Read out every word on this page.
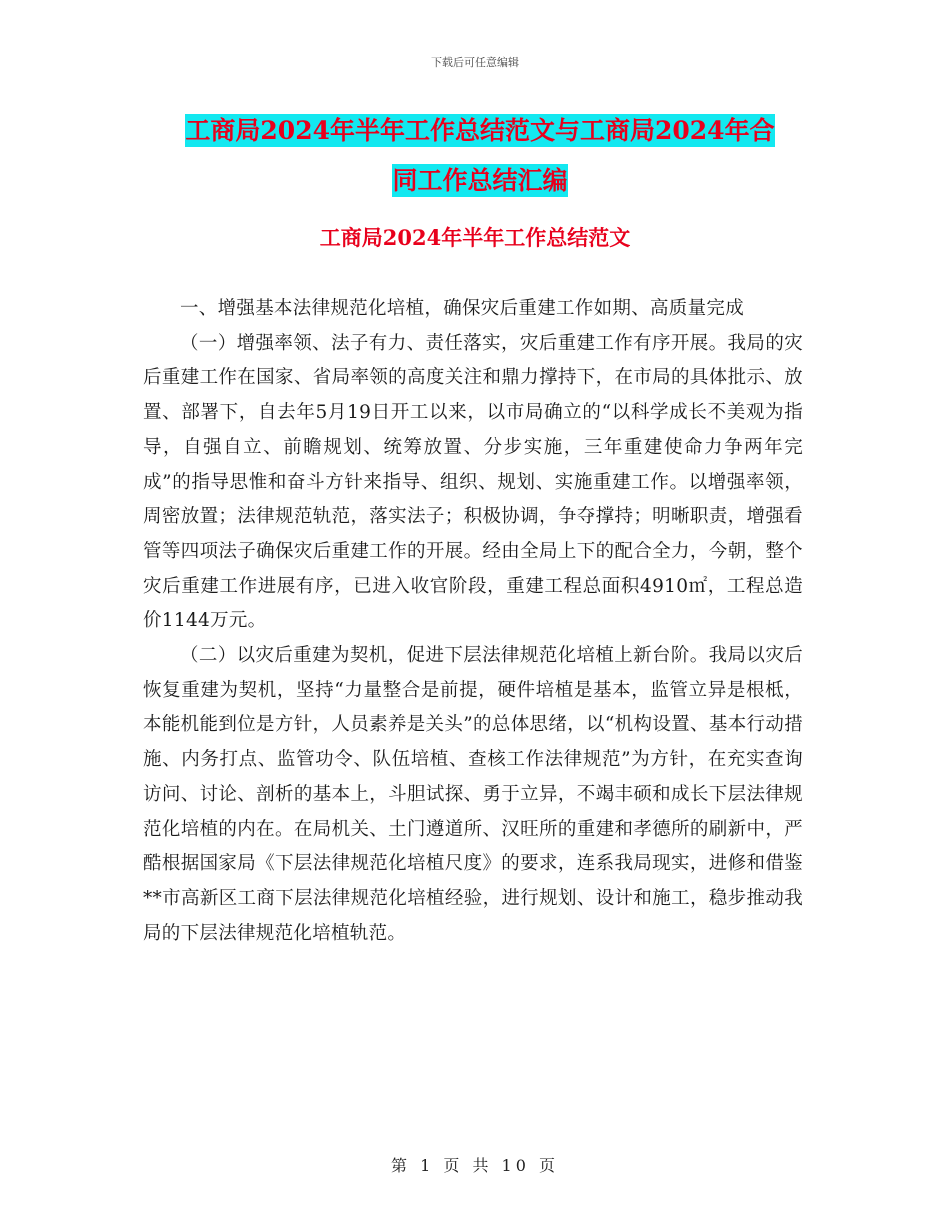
下载后可任意编辑
工商局2024年半年工作总结范文与工商局2024年合
同工作总结汇编
工商局2024年半年工作总结范文

一、增强基本法律规范化培植，确保灾后重建工作如期、高质量完成

（一）增强率领、法子有力、责任落实，灾后重建工作有序开展。我局的灾后重建工作在国家、省局率领的高度关注和鼎力撑持下，在市局的具体批示、放置、部署下，自去年5月19日开工以来，以市局确立的“以科学成长不美观为指导，自强自立、前瞻规划、统筹放置、分步实施，三年重建使命力争两年完成”的指导思惟和奋斗方针来指导、组织、规划、实施重建工作。以增强率领，周密放置；法律规范轨范，落实法子；积极协调，争夺撑持；明晰职责，增强看管等四项法子确保灾后重建工作的开展。经由全局上下的配合全力，今朝，整个灾后重建工作进展有序，已进入收官阶段，重建工程总面积4910㎡，工程总造价1144万元。

（二）以灾后重建为契机，促进下层法律规范化培植上新台阶。我局以灾后恢复重建为契机，坚持“力量整合是前提，硬件培植是基本，监管立异是根柢，本能机能到位是方针，人员素养是关头”的总体思绪，以“机构设置、基本行动措施、内务打点、监管功令、队伍培植、查核工作法律规范”为方针，在充实查询访问、讨论、剖析的基本上，斗胆试探、勇于立异，不竭丰硕和成长下层法律规范化培植的内在。在局机关、土门遵道所、汉旺所的重建和孝德所的刷新中，严酷根据国家局《下层法律规范化培植尺度》的要求，连系我局现实，进修和借鉴**市高新区工商下层法律规范化培植经验，进行规划、设计和施工，稳步推动我局的下层法律规范化培植轨范。

第 1 页 共 10 页
